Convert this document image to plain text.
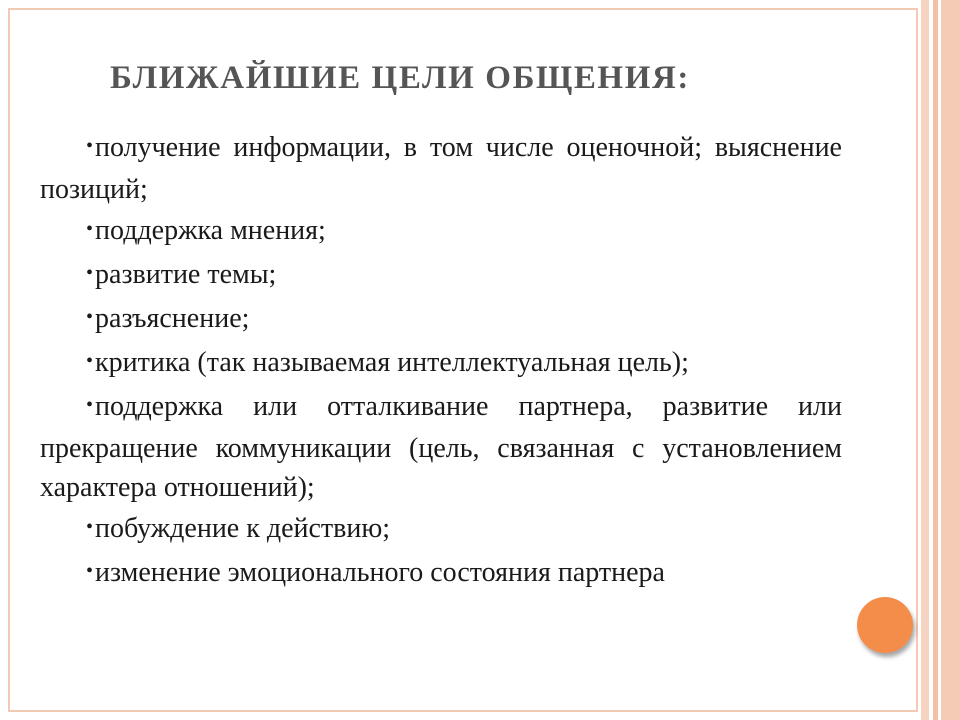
БЛИЖАЙШИЕ ЦЕЛИ ОБЩЕНИЯ:
•получение информации, в том числе оценочной; выяснение позиций;
•поддержка мнения;
•развитие темы;
•разъяснение;
•критика (так называемая интеллектуальная цель);
•поддержка или отталкивание партнера, развитие или прекращение коммуникации (цель, связанная с установлением характера отношений);
•побуждение к действию;
•изменение эмоционального состояния партнера
